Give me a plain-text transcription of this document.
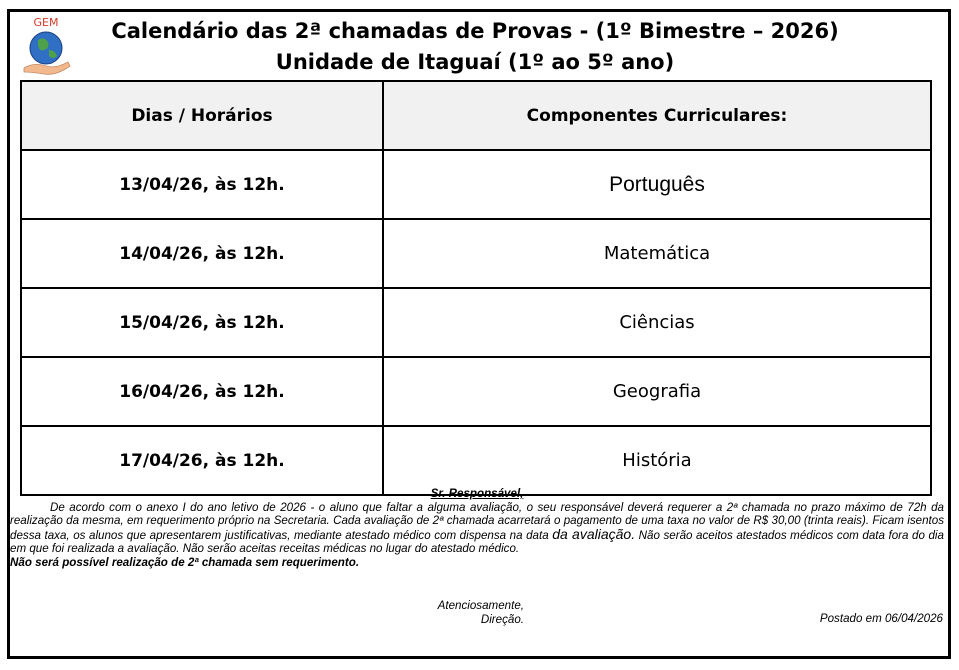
GEM	Calendário das 2ª chamadas de Provas - (1º Bimestre – 2026)
Unidade de Itaguaí (1º ao 5º ano)
Dias / Horários	Componentes Curriculares:
13/04/26, às 12h.	Português
14/04/26, às 12h.	Matemática
15/04/26, às 12h.	Ciências
16/04/26, às 12h.	Geografia
17/04/26, às 12h.	História
Sr. Responsável,

De acordo com o anexo I do ano letivo de 2026 - o aluno que faltar a alguma avaliação, o seu responsável deverá requerer a 2ª chamada no prazo máximo de 72h da realização da mesma, em requerimento próprio na Secretaria. Cada avaliação de 2ª chamada acarretará o pagamento de uma taxa no valor de R$ 30,00 (trinta reais). Ficam isentos dessa taxa, os alunos que apresentarem justificativas, mediante atestado médico com dispensa na data da avaliação. Não serão aceitos atestados médicos com data fora do dia em que foi realizada a avaliação. Não serão aceitas receitas médicas no lugar do atestado médico.

Não será possível realização de 2ª chamada sem requerimento.
Atenciosamente,
Direção.	Postado em 06/04/2026
